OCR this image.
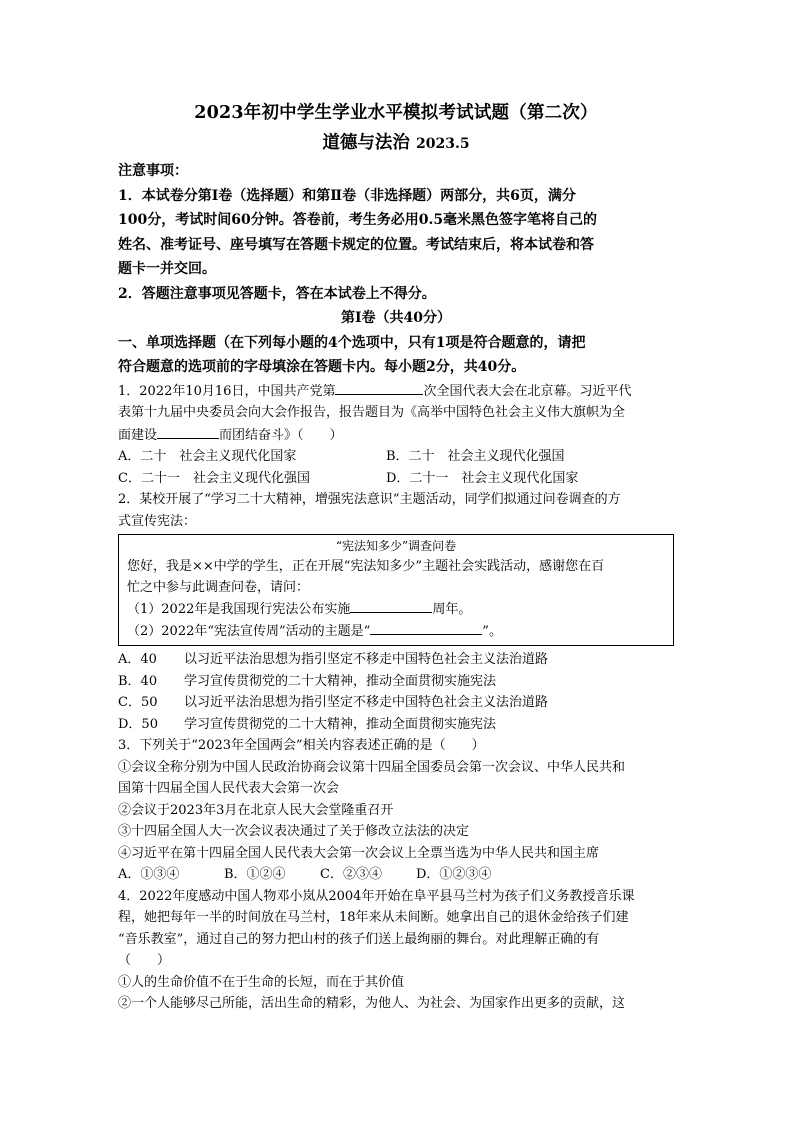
2023年初中学生学业水平模拟考试试题（第二次）

道德与法治 2023.5

注意事项：

1．本试卷分第Ⅰ卷（选择题）和第Ⅱ卷（非选择题）两部分，共6页，满分

100分，考试时间60分钟。答卷前，考生务必用0.5毫米黑色签字笔将自己的

姓名、准考证号、座号填写在答题卡规定的位置。考试结束后，将本试卷和答

题卡一并交回。

2．答题注意事项见答题卡，答在本试卷上不得分。

第Ⅰ卷（共40分）

一、单项选择题（在下列每小题的4个选项中，只有1项是符合题意的，请把

符合题意的选项前的字母填涂在答题卡内。每小题2分，共40分。

1．2022年10月16日，中国共产党第	次全国代表大会在北京幕。习近平代

表第十九届中央委员会向大会作报告，报告题目为《高举中国特色社会主义伟大旗帜为全

面建设	而团结奋斗》（　　）

A．二十　社会主义现代化国家	B．二十　社会主义现代化强国
C．二十一　社会主义现代化强国	D．二十一　社会主义现代化国家

2．某校开展了“学习二十大精神，增强宪法意识”主题活动，同学们拟通过问卷调查的方

式宣传宪法：

“宪法知多少”调查问卷

您好，我是××中学的学生，正在开展“宪法知多少”主题社会实践活动，感谢您在百

忙之中参与此调查问卷，请问：

（1）2022年是我国现行宪法公布实施	周年。

（2）2022年“宪法宣传周”活动的主题是“	”。

A．40 以习近平法治思想为指引坚定不移走中国特色社会主义法治道路

B．40 学习宣传贯彻党的二十大精神，推动全面贯彻实施宪法

C．50 以习近平法治思想为指引坚定不移走中国特色社会主义法治道路

D．50 学习宣传贯彻党的二十大精神，推动全面贯彻实施宪法

3．下列关于“2023年全国两会”相关内容表述正确的是（　　）

①会议全称分别为中国人民政治协商会议第十四届全国委员会第一次会议、中华人民共和

国第十四届全国人民代表大会第一次会

②会议于2023年3月在北京人民大会堂隆重召开

③十四届全国人大一次会议表决通过了关于修改立法法的决定

④习近平在第十四届全国人民代表大会第一次会议上全票当选为中华人民共和国主席

A．①③④	B．①②④	C．②③④	D．①②③④

4．2022年度感动中国人物邓小岚从2004年开始在阜平县马兰村为孩子们义务教授音乐课

程，她把每年一半的时间放在马兰村，18年来从未间断。她拿出自己的退休金给孩子们建

“音乐教室”，通过自己的努力把山村的孩子们送上最绚丽的舞台。对此理解正确的有

（　　）

①人的生命价值不在于生命的长短，而在于其价值

②一个人能够尽己所能，活出生命的精彩，为他人、为社会、为国家作出更多的贡献，这
